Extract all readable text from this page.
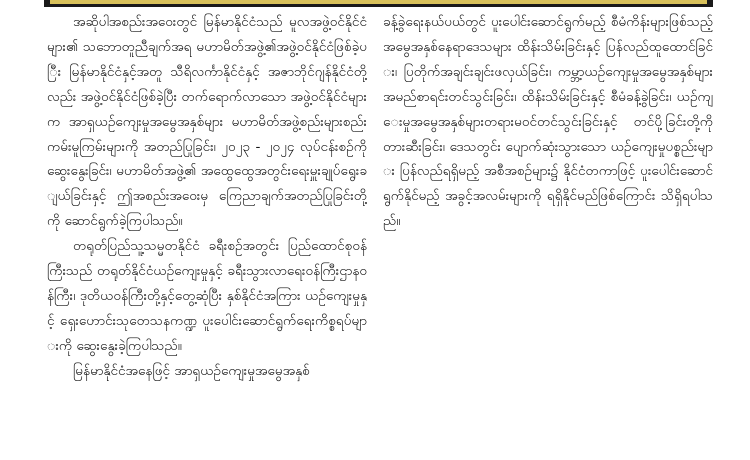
အဆိုပါအစည်းအဝေးတွင် မြန်မာနိုင်ငံသည် မူလအဖွဲ့ဝင်နိုင်ငံများ၏ သဘောတူညီချက်အရ မဟာမိတ်အဖွဲ့၏အဖွဲ့ဝင်နိုင်ငံဖြစ်ခဲ့ပြီး မြန်မာနိုင်ငံနှင့်အတူ သီရိလင်္ကာနိုင်ငံနှင့် အဇာဘိုင်ဂျန်နိုင်ငံတို့လည်း အဖွဲ့ဝင်နိုင်ငံဖြစ်ခဲ့ပြီး တက်ရောက်လာသော အဖွဲ့ဝင်နိုင်ငံများက အာရှယဉ်ကျေးမှုအမွေအနှစ်များ မဟာမိတ်အဖွဲ့စည်းများစည်းကမ်းမူကြမ်းများကို အတည်ပြုခြင်း၊ ၂၀၂၃ - ၂၀၂၄ လုပ်ငန်းစဉ်ကို ဆွေးနွေးခြင်း၊ မဟာမိတ်အဖွဲ့၏ အထွေထွေအတွင်းရေးမှူးချုပ်ရွေးချယ်ခြင်းနှင့် ဤအစည်းအဝေးမှ ကြေညာချက်အတည်ပြုခြင်းတို့ကို ဆောင်ရွက်ခဲ့ကြပါသည်။

တရုတ်ပြည်သူ့သမ္မတနိုင်ငံ ခရီးစဉ်အတွင်း ပြည်ထောင်စုဝန်ကြီးသည် တရုတ်နိုင်ငံယဉ်ကျေးမှုနှင့် ခရီးသွားလာရေးဝန်ကြီးဌာနဝန်ကြီး၊ ဒုတိယဝန်ကြီးတို့နှင့်တွေ့ဆုံပြီး နှစ်နိုင်ငံအကြား ယဉ်ကျေးမှုနှင့် ရှေးဟောင်းသုတေသနကဏ္ဍ ပူးပေါင်းဆောင်ရွက်ရေးကိစ္စရပ်များကို ဆွေးနွေးခဲ့ကြပါသည်။

မြန်မာနိုင်ငံအနေဖြင့် အာရှယဉ်ကျေးမှုအမွေအနှစ်

ခန့်ခွဲရေးနယ်ပယ်တွင် ပူးပေါင်းဆောင်ရွက်မည့် စီမံကိန်းများဖြစ်သည့် အမွေအနှစ်နေရာဒေသများ ထိန်းသိမ်းခြင်းနှင့် ပြန်လည်ထူထောင်ခြင်း၊ ပြတိုက်အချင်းချင်းဖလှယ်ခြင်း၊ ကမ္ဘာ့ယဉ်ကျေးမှုအမွေအနှစ်များ အမည်စာရင်းတင်သွင်းခြင်း၊ ထိန်းသိမ်းခြင်းနှင့် စီမံခန့်ခွဲခြင်း၊ ယဉ်ကျေးမှုအမွေအနှစ်များတရားမဝင်တင်သွင်းခြင်းနှင့် တင်ပို့ခြင်းတို့ကို တားဆီးခြင်း၊ ဒေသတွင်း ပျောက်ဆုံးသွားသော ယဉ်ကျေးမှုပစ္စည်းများ ပြန်လည်ရရှိမည့် အစီအစဉ်များ၌ နိုင်ငံတကာဖြင့် ပူးပေါင်းဆောင်ရွက်နိုင်မည့် အခွင့်အလမ်းများကို ရရှိနိုင်မည်ဖြစ်ကြောင်း သိရှိရပါသည်။
